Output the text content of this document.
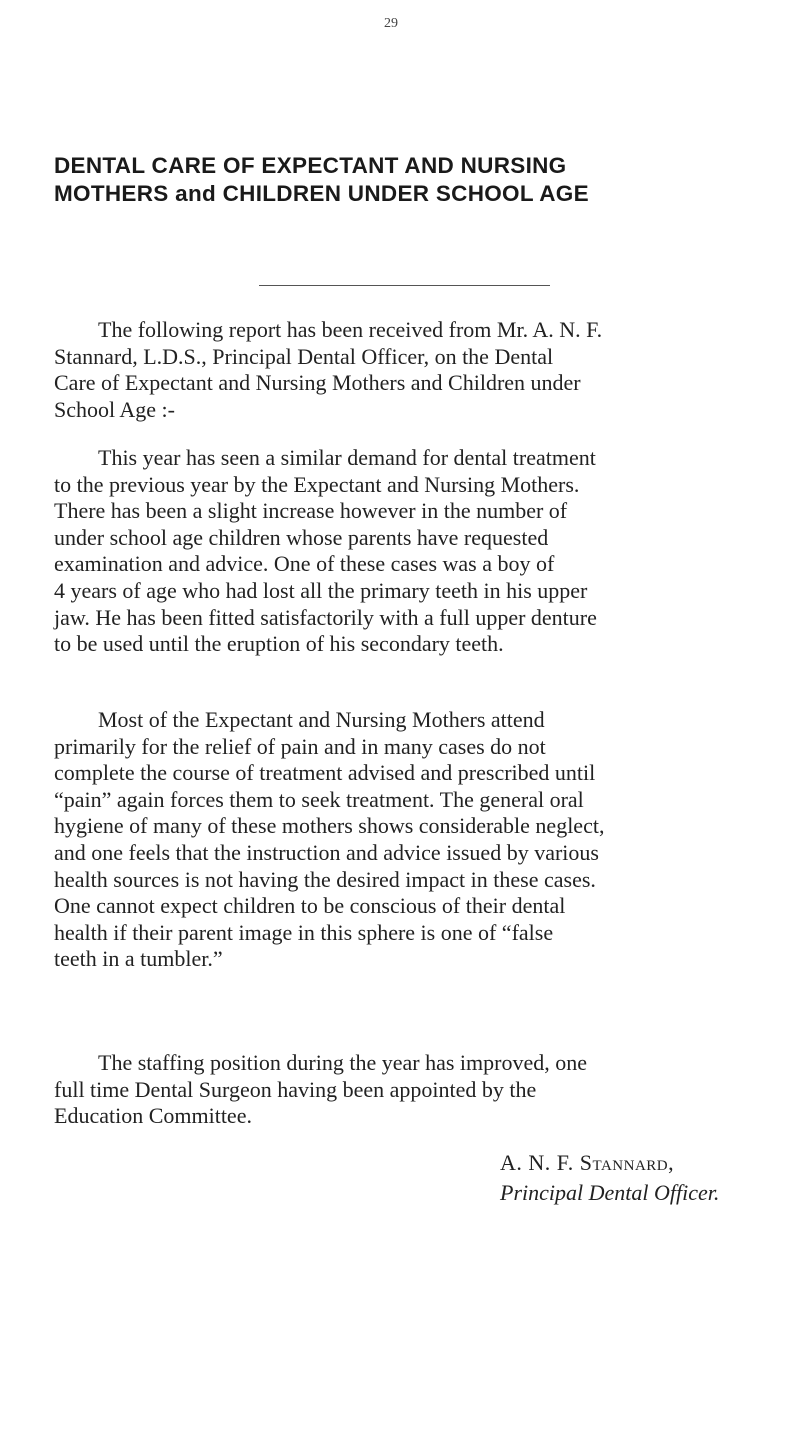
29
DENTAL CARE OF EXPECTANT AND NURSING
MOTHERS and CHILDREN UNDER SCHOOL AGE

The following report has been received from Mr. A. N. F.
Stannard, L.D.S., Principal Dental Officer, on the Dental
Care of Expectant and Nursing Mothers and Children under
School Age :-

This year has seen a similar demand for dental treatment
to the previous year by the Expectant and Nursing Mothers.
There has been a slight increase however in the number of
under school age children whose parents have requested
examination and advice. One of these cases was a boy of
4 years of age who had lost all the primary teeth in his upper
jaw. He has been fitted satisfactorily with a full upper denture
to be used until the eruption of his secondary teeth.

Most of the Expectant and Nursing Mothers attend
primarily for the relief of pain and in many cases do not
complete the course of treatment advised and prescribed until
“pain” again forces them to seek treatment. The general oral
hygiene of many of these mothers shows considerable neglect,
and one feels that the instruction and advice issued by various
health sources is not having the desired impact in these cases.
One cannot expect children to be conscious of their dental
health if their parent image in this sphere is one of “false
teeth in a tumbler.”

The staffing position during the year has improved, one
full time Dental Surgeon having been appointed by the
Education Committee.

A. N. F. Stannard,
Principal Dental Officer.
